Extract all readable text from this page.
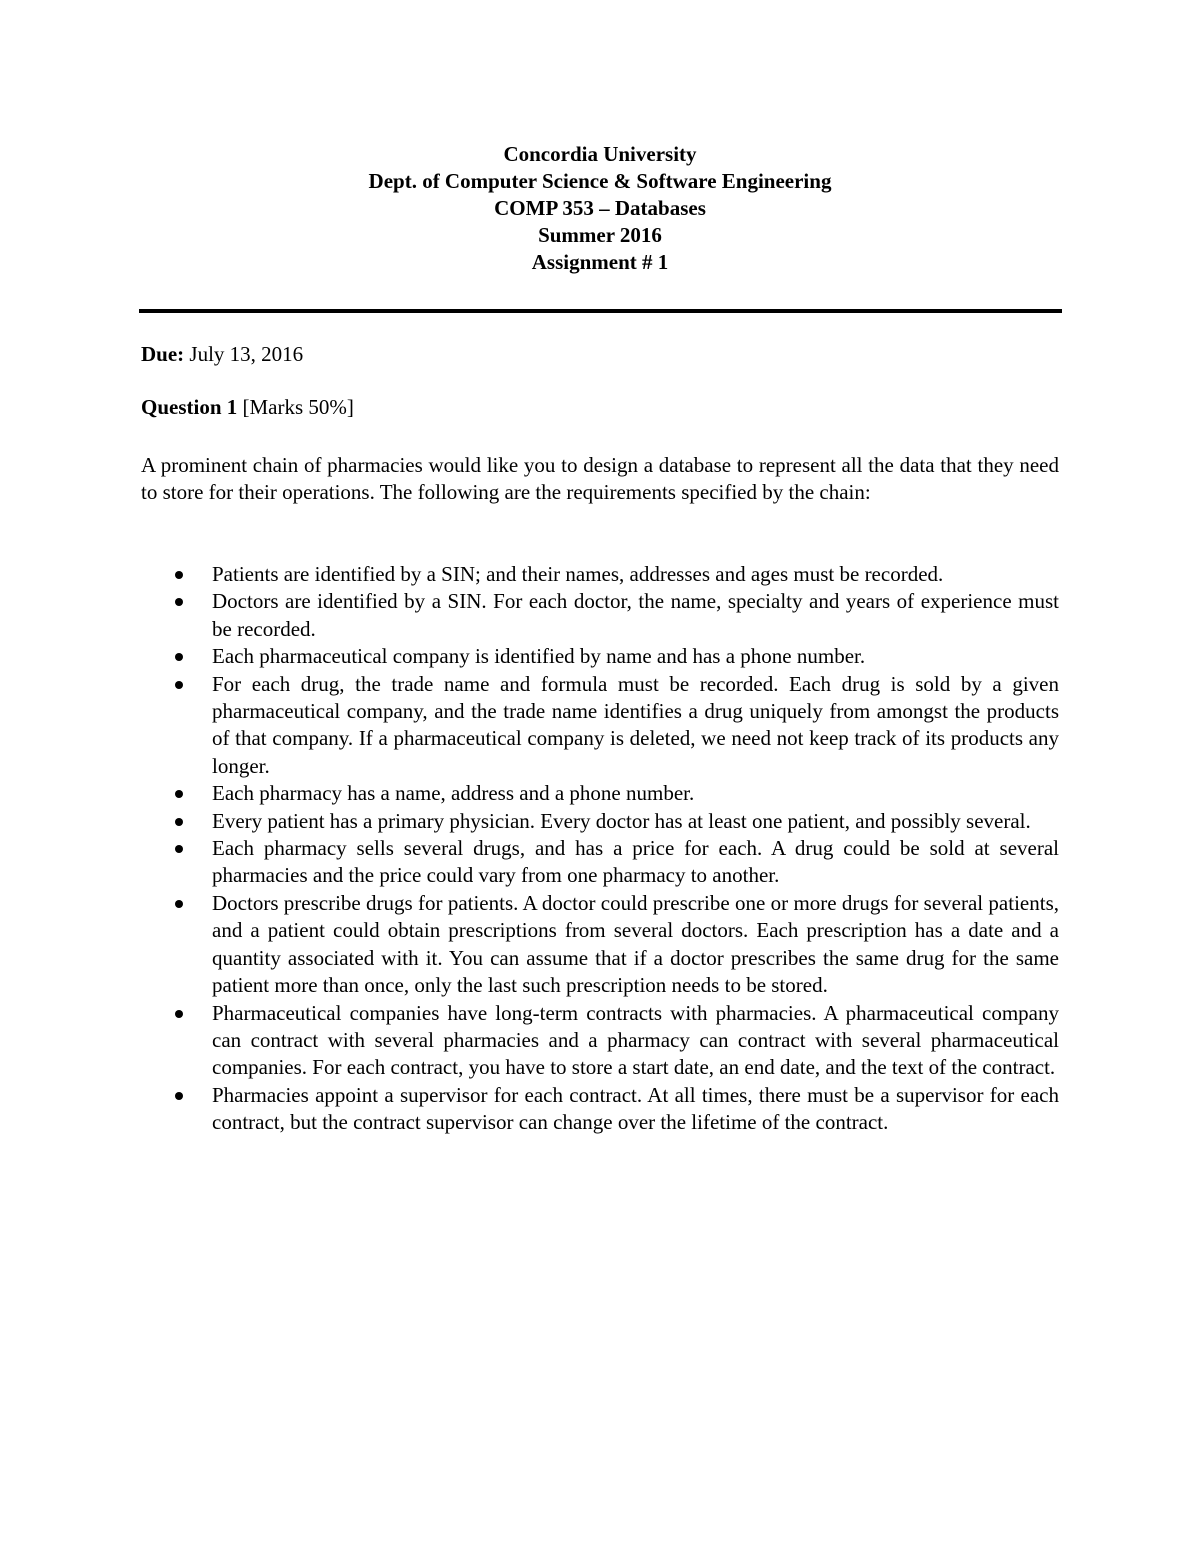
Concordia University
Dept. of Computer Science & Software Engineering
COMP 353 – Databases
Summer 2016
Assignment # 1
Due: July 13, 2016
Question 1 [Marks 50%]
A prominent chain of pharmacies would like you to design a database to represent all the data that they need to store for their operations. The following are the requirements specified by the chain:
Patients are identified by a SIN; and their names, addresses and ages must be recorded.
Doctors are identified by a SIN. For each doctor, the name, specialty and years of experience must be recorded.
Each pharmaceutical company is identified by name and has a phone number.
For each drug, the trade name and formula must be recorded. Each drug is sold by a given pharmaceutical company, and the trade name identifies a drug uniquely from amongst the products of that company. If a pharmaceutical company is deleted, we need not keep track of its products any longer.
Each pharmacy has a name, address and a phone number.
Every patient has a primary physician. Every doctor has at least one patient, and possibly several.
Each pharmacy sells several drugs, and has a price for each. A drug could be sold at several pharmacies and the price could vary from one pharmacy to another.
Doctors prescribe drugs for patients. A doctor could prescribe one or more drugs for several patients, and a patient could obtain prescriptions from several doctors. Each prescription has a date and a quantity associated with it. You can assume that if a doctor prescribes the same drug for the same patient more than once, only the last such prescription needs to be stored.
Pharmaceutical companies have long-term contracts with pharmacies. A pharmaceutical company can contract with several pharmacies and a pharmacy can contract with several pharmaceutical companies. For each contract, you have to store a start date, an end date, and the text of the contract.
Pharmacies appoint a supervisor for each contract. At all times, there must be a supervisor for each contract, but the contract supervisor can change over the lifetime of the contract.
